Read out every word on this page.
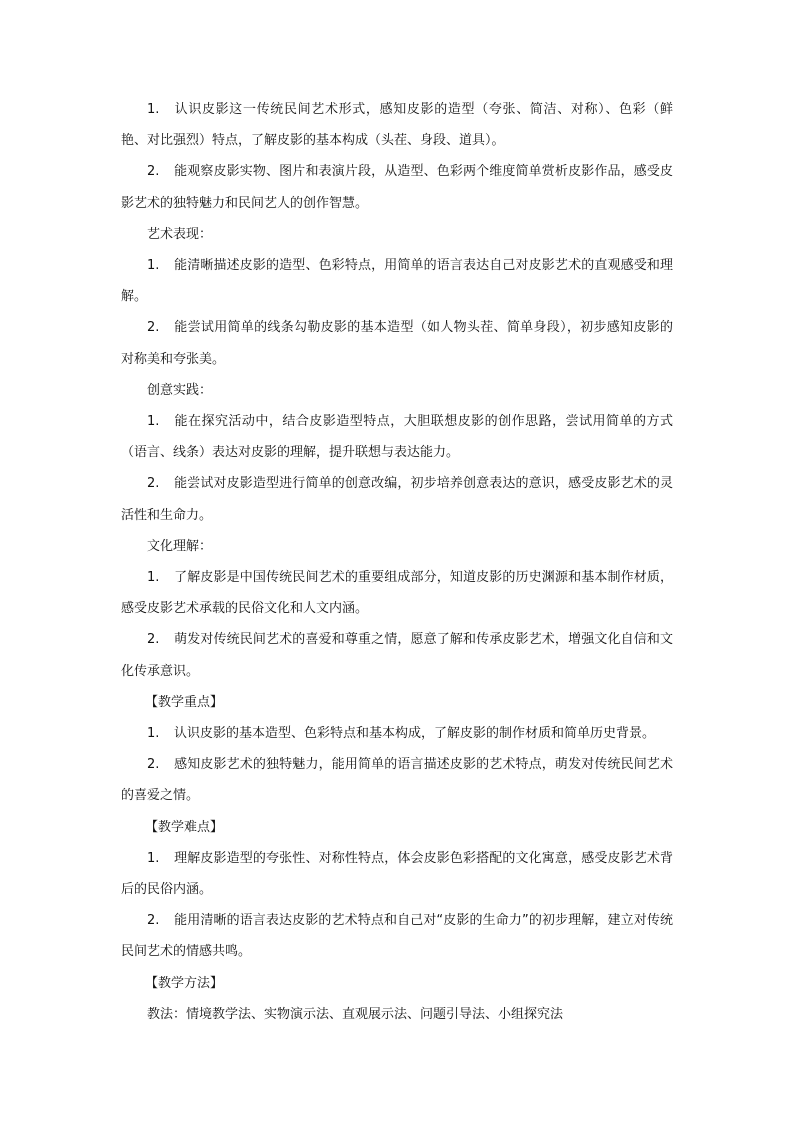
1. 认识皮影这一传统民间艺术形式，感知皮影的造型（夸张、简洁、对称）、色彩（鲜艳、对比强烈）特点，了解皮影的基本构成（头茬、身段、道具）。

2. 能观察皮影实物、图片和表演片段，从造型、色彩两个维度简单赏析皮影作品，感受皮影艺术的独特魅力和民间艺人的创作智慧。

艺术表现：

1. 能清晰描述皮影的造型、色彩特点，用简单的语言表达自己对皮影艺术的直观感受和理解。

2. 能尝试用简单的线条勾勒皮影的基本造型（如人物头茬、简单身段），初步感知皮影的对称美和夸张美。

创意实践：

1. 能在探究活动中，结合皮影造型特点，大胆联想皮影的创作思路，尝试用简单的方式（语言、线条）表达对皮影的理解，提升联想与表达能力。

2. 能尝试对皮影造型进行简单的创意改编，初步培养创意表达的意识，感受皮影艺术的灵活性和生命力。

文化理解：

1. 了解皮影是中国传统民间艺术的重要组成部分，知道皮影的历史渊源和基本制作材质，感受皮影艺术承载的民俗文化和人文内涵。

2. 萌发对传统民间艺术的喜爱和尊重之情，愿意了解和传承皮影艺术，增强文化自信和文化传承意识。

【教学重点】

1. 认识皮影的基本造型、色彩特点和基本构成，了解皮影的制作材质和简单历史背景。

2. 感知皮影艺术的独特魅力，能用简单的语言描述皮影的艺术特点，萌发对传统民间艺术的喜爱之情。

【教学难点】

1. 理解皮影造型的夸张性、对称性特点，体会皮影色彩搭配的文化寓意，感受皮影艺术背后的民俗内涵。

2. 能用清晰的语言表达皮影的艺术特点和自己对“皮影的生命力”的初步理解，建立对传统民间艺术的情感共鸣。

【教学方法】

教法：情境教学法、实物演示法、直观展示法、问题引导法、小组探究法
